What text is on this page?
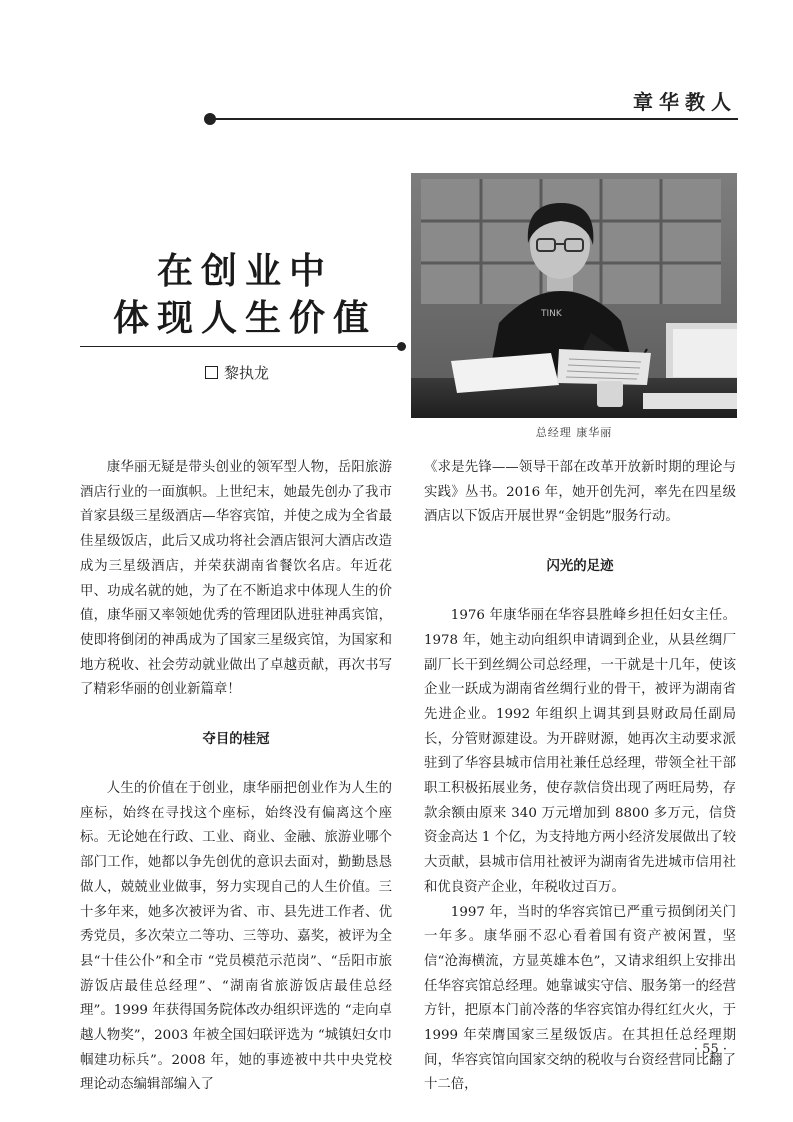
章华教人
在创业中
体现人生价值
黎执龙
TINK
总经理 康华丽

康华丽无疑是带头创业的领军型人物，岳阳旅游酒店行业的一面旗帜。上世纪末，她最先创办了我市首家县级三星级酒店—华容宾馆，并使之成为全省最佳星级饭店，此后又成功将社会酒店银河大酒店改造成为三星级酒店，并荣获湖南省餐饮名店。年近花甲、功成名就的她，为了在不断追求中体现人生的价值，康华丽又率领她优秀的管理团队进驻神禹宾馆，使即将倒闭的神禹成为了国家三星级宾馆，为国家和地方税收、社会劳动就业做出了卓越贡献，再次书写了精彩华丽的创业新篇章！

夺目的桂冠

人生的价值在于创业，康华丽把创业作为人生的座标，始终在寻找这个座标，始终没有偏离这个座标。无论她在行政、工业、商业、金融、旅游业哪个部门工作，她都以争先创优的意识去面对，勤勤恳恳做人，兢兢业业做事，努力实现自己的人生价值。三十多年来，她多次被评为省、市、县先进工作者、优秀党员，多次荣立二等功、三等功、嘉奖，被评为全县“十佳公仆”和全市 “党员模范示范岗”、“岳阳市旅游饭店最佳总经理”、“湖南省旅游饭店最佳总经理”。1999 年获得国务院体改办组织评选的 “走向卓越人物奖”，2003 年被全国妇联评选为 “城镇妇女巾帼建功标兵”。2008 年，她的事迹被中共中央党校理论动态编辑部编入了

《求是先锋——领导干部在改革开放新时期的理论与实践》丛书。2016 年，她开创先河，率先在四星级酒店以下饭店开展世界“金钥匙”服务行动。

闪光的足迹

1976 年康华丽在华容县胜峰乡担任妇女主任。1978 年，她主动向组织申请调到企业，从县丝绸厂副厂长干到丝绸公司总经理，一干就是十几年，使该企业一跃成为湖南省丝绸行业的骨干，被评为湖南省先进企业。1992 年组织上调其到县财政局任副局长，分管财源建设。为开辟财源，她再次主动要求派驻到了华容县城市信用社兼任总经理，带领全社干部职工积极拓展业务，使存款信贷出现了两旺局势，存款余额由原来 340 万元增加到 8800 多万元，信贷资金高达 1 个亿，为支持地方两小经济发展做出了较大贡献，县城市信用社被评为湖南省先进城市信用社和优良资产企业，年税收过百万。

1997 年，当时的华容宾馆已严重亏损倒闭关门一年多。康华丽不忍心看着国有资产被闲置，坚信“沧海横流，方显英雄本色”，又请求组织上安排出任华容宾馆总经理。她靠诚实守信、服务第一的经营方针，把原本门前冷落的华容宾馆办得红红火火，于 1999 年荣膺国家三星级饭店。在其担任总经理期间，华容宾馆向国家交纳的税收与台资经营同比翻了十二倍，

· 55 ·
